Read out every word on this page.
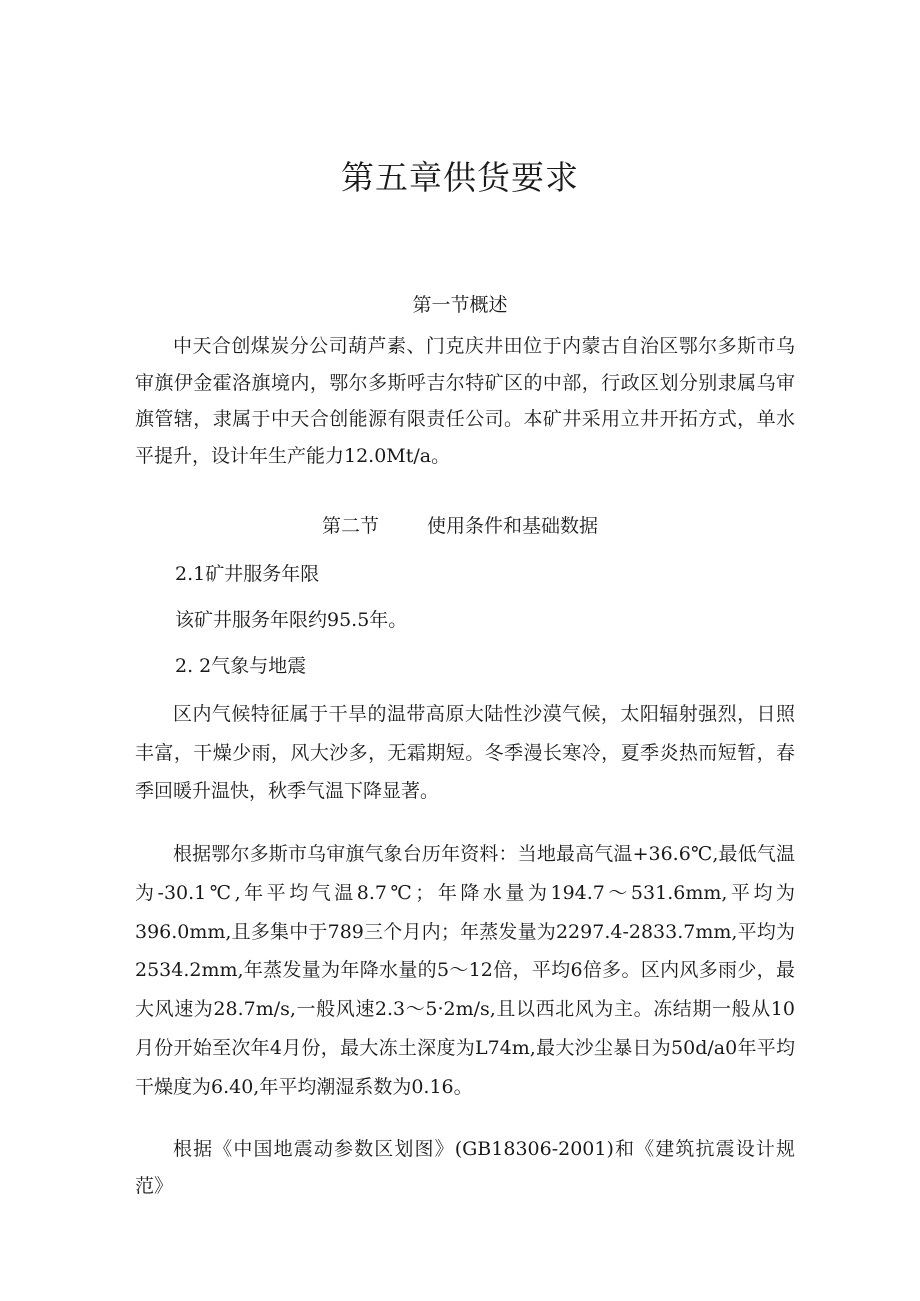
第五章供货要求
第一节概述

中天合创煤炭分公司葫芦素、门克庆井田位于内蒙古自治区鄂尔多斯市乌审旗伊金霍洛旗境内，鄂尔多斯呼吉尔特矿区的中部，行政区划分别隶属乌审旗管辖，隶属于中天合创能源有限责任公司。本矿井采用立井开拓方式，单水平提升，设计年生产能力12.0Mt/a。

第二节	使用条件和基础数据

2.1矿井服务年限

该矿井服务年限约95.5年。

2. 2气象与地震

区内气候特征属于干旱的温带高原大陆性沙漠气候，太阳辐射强烈，日照丰富，干燥少雨，风大沙多，无霜期短。冬季漫长寒冷，夏季炎热而短暂，春季回暖升温快，秋季气温下降显著。

根据鄂尔多斯市乌审旗气象台历年资料：当地最高气温+36.6℃,最低气温为-30.1℃,年平均气温8.7℃；年降水量为194.7～531.6mm,平均为396.0mm,且多集中于789三个月内；年蒸发量为2297.4-2833.7mm,平均为2534.2mm,年蒸发量为年降水量的5～12倍，平均6倍多。区内风多雨少，最大风速为28.7m/s,一般风速2.3～5·2m/s,且以西北风为主。冻结期一般从10月份开始至次年4月份，最大冻土深度为L74m,最大沙尘暴日为50d/a0年平均干燥度为6.40,年平均潮湿系数为0.16。

根据《中国地震动参数区划图》(GB18306-2001)和《建筑抗震设计规范》
